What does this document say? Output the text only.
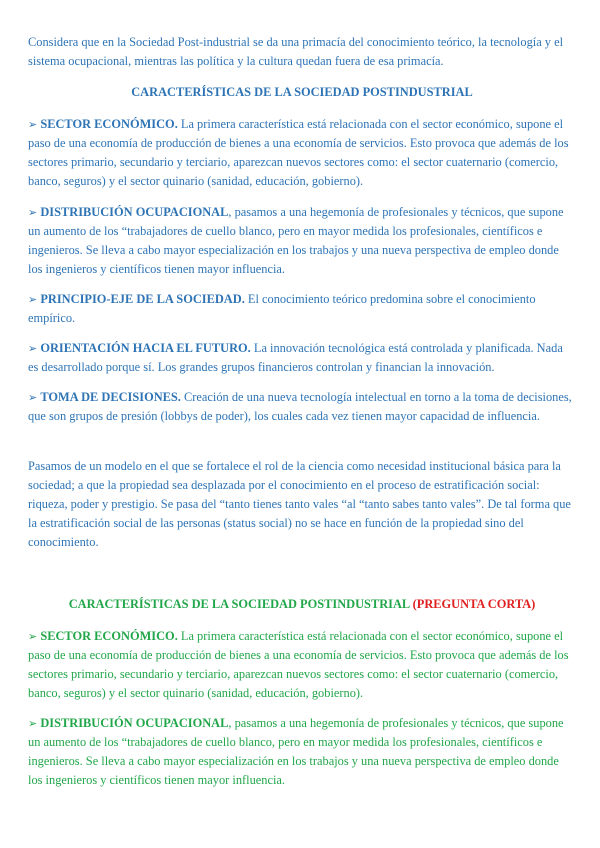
Considera que en la Sociedad Post-industrial se da una primacía del conocimiento teórico, la tecnología y el sistema ocupacional, mientras las política y la cultura quedan fuera de esa primacía.

CARACTERÍSTICAS DE LA SOCIEDAD POSTINDUSTRIAL

➢ SECTOR ECONÓMICO. La primera característica está relacionada con el sector económico, supone el paso de una economía de producción de bienes a una economía de servicios. Esto provoca que además de los sectores primario, secundario y terciario, aparezcan nuevos sectores como: el sector cuaternario (comercio, banco, seguros) y el sector quinario (sanidad, educación, gobierno).

➢ DISTRIBUCIÓN OCUPACIONAL, pasamos a una hegemonía de profesionales y técnicos, que supone un aumento de los “trabajadores de cuello blanco, pero en mayor medida los profesionales, científicos e ingenieros. Se lleva a cabo mayor especialización en los trabajos y una nueva perspectiva de empleo donde los ingenieros y científicos tienen mayor influencia.

➢ PRINCIPIO-EJE DE LA SOCIEDAD. El conocimiento teórico predomina sobre el conocimiento empírico.

➢ ORIENTACIÓN HACIA EL FUTURO. La innovación tecnológica está controlada y planificada. Nada es desarrollado porque sí. Los grandes grupos financieros controlan y financian la innovación.

➢ TOMA DE DECISIONES. Creación de una nueva tecnología intelectual en torno a la toma de decisiones, que son grupos de presión (lobbys de poder), los cuales cada vez tienen mayor capacidad de influencia.

Pasamos de un modelo en el que se fortalece el rol de la ciencia como necesidad institucional básica para la sociedad; a que la propiedad sea desplazada por el conocimiento en el proceso de estratificación social: riqueza, poder y prestigio. Se pasa del “tanto tienes tanto vales “al “tanto sabes tanto vales”. De tal forma que la estratificación social de las personas (status social) no se hace en función de la propiedad sino del conocimiento.

CARACTERÍSTICAS DE LA SOCIEDAD POSTINDUSTRIAL (PREGUNTA CORTA)

➢ SECTOR ECONÓMICO. La primera característica está relacionada con el sector económico, supone el paso de una economía de producción de bienes a una economía de servicios. Esto provoca que además de los sectores primario, secundario y terciario, aparezcan nuevos sectores como: el sector cuaternario (comercio, banco, seguros) y el sector quinario (sanidad, educación, gobierno).

➢ DISTRIBUCIÓN OCUPACIONAL, pasamos a una hegemonía de profesionales y técnicos, que supone un aumento de los “trabajadores de cuello blanco, pero en mayor medida los profesionales, científicos e ingenieros. Se lleva a cabo mayor especialización en los trabajos y una nueva perspectiva de empleo donde los ingenieros y científicos tienen mayor influencia.
